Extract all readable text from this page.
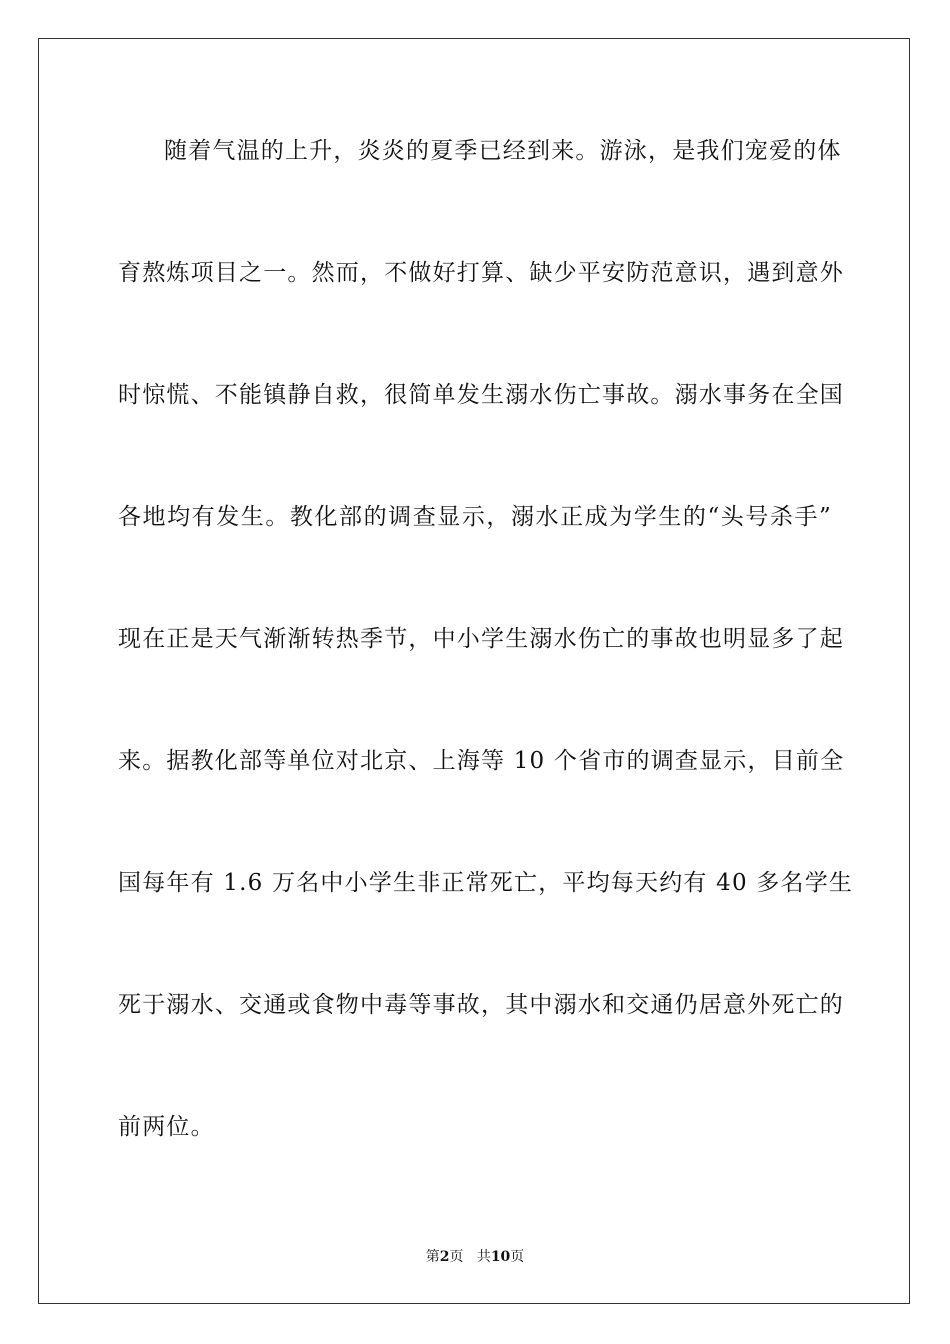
随着气温的上升，炎炎的夏季已经到来。游泳，是我们宠爱的体
育熬炼项目之一。然而，不做好打算、缺少平安防范意识，遇到意外
时惊慌、不能镇静自救，很简单发生溺水伤亡事故。溺水事务在全国
各地均有发生。教化部的调查显示，溺水正成为学生的“头号杀手”
现在正是天气渐渐转热季节，中小学生溺水伤亡的事故也明显多了起
来。据教化部等单位对北京、上海等 10 个省市的调查显示，目前全
国每年有 1.6 万名中小学生非正常死亡，平均每天约有 40 多名学生
死于溺水、交通或食物中毒等事故，其中溺水和交通仍居意外死亡的
前两位。
第2页 共10页
